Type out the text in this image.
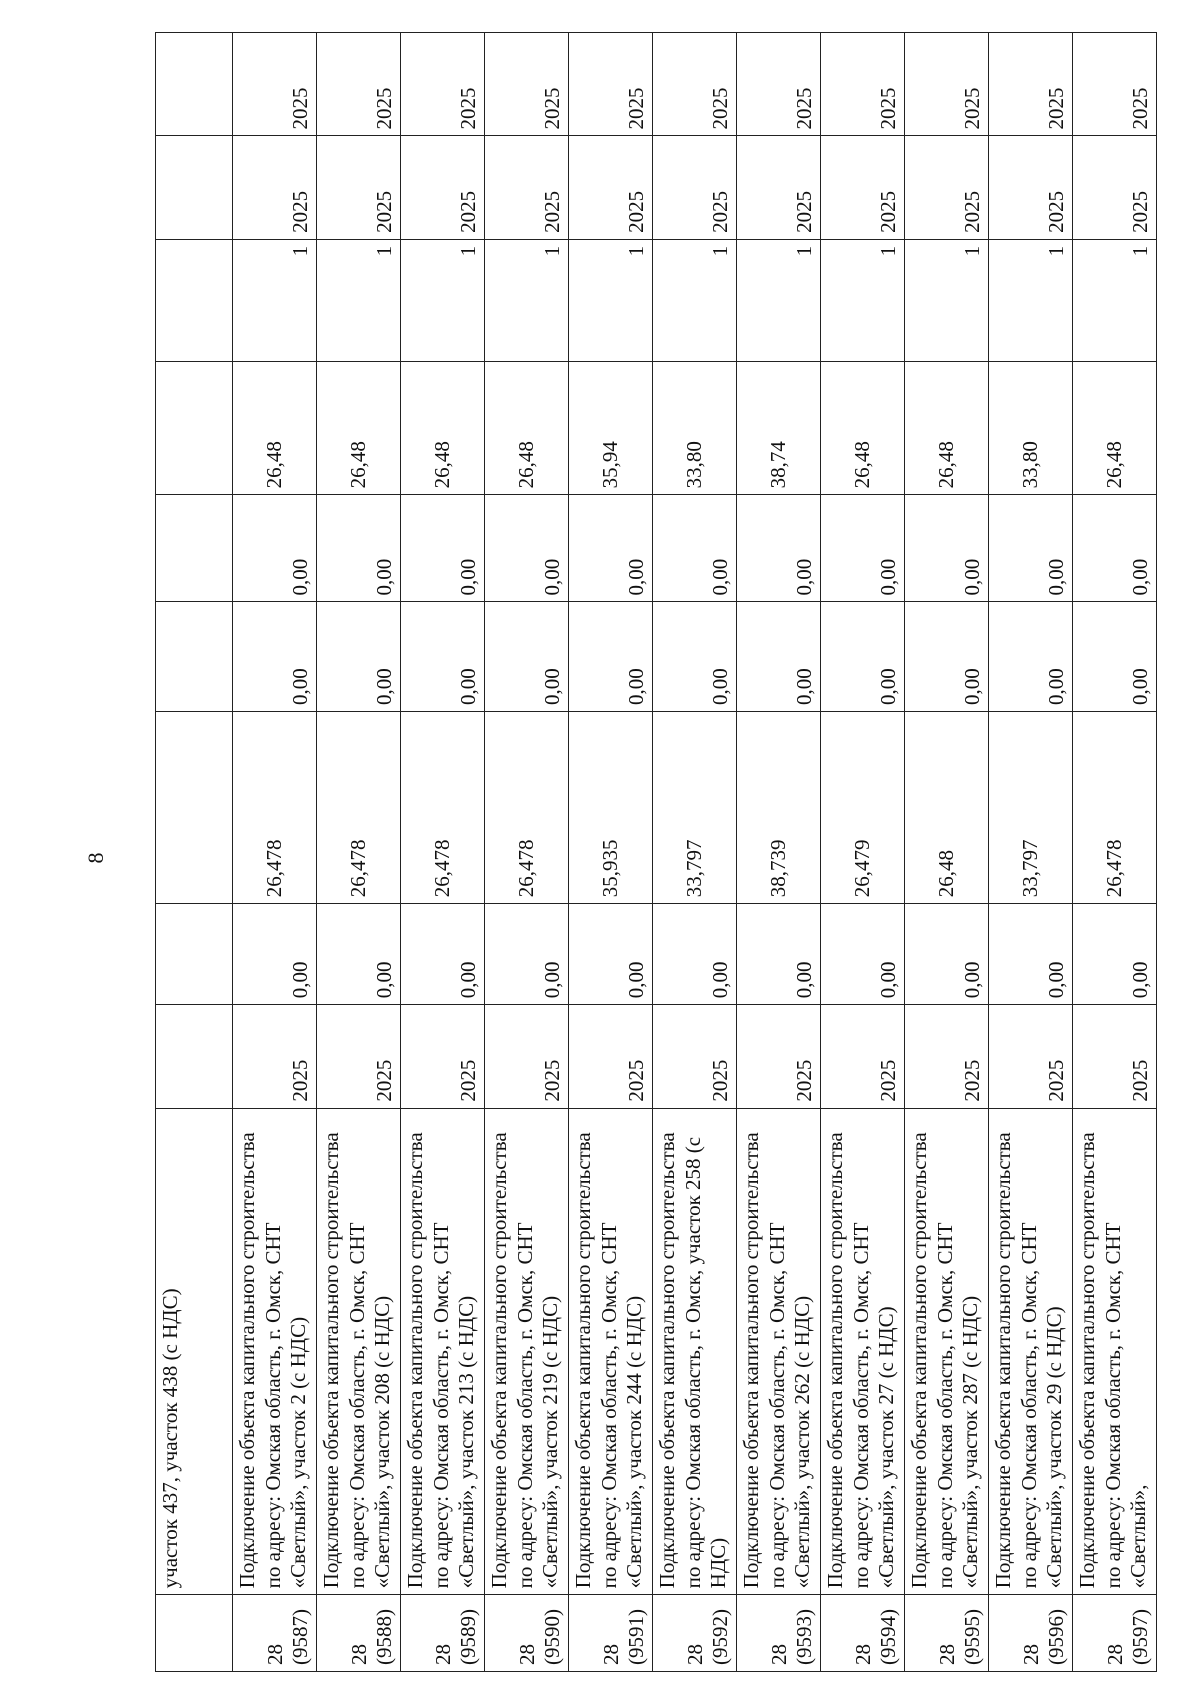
8
	участок 437, участок 438 (с НДС)									

28 (9587)	Подключение объекта капитального строительства по адресу: Омская область, г. Омск, СНТ «Светлый», участок 2 (с НДС)	2025	0,00	26,478	0,00	0,00	26,48	1	2025	2025

28 (9588)	Подключение объекта капитального строительства по адресу: Омская область, г. Омск, СНТ «Светлый», участок 208 (с НДС)	2025	0,00	26,478	0,00	0,00	26,48	1	2025	2025

28 (9589)	Подключение объекта капитального строительства по адресу: Омская область, г. Омск, СНТ «Светлый», участок 213 (с НДС)	2025	0,00	26,478	0,00	0,00	26,48	1	2025	2025

28 (9590)	Подключение объекта капитального строительства по адресу: Омская область, г. Омск, СНТ «Светлый», участок 219 (с НДС)	2025	0,00	26,478	0,00	0,00	26,48	1	2025	2025

28 (9591)	Подключение объекта капитального строительства по адресу: Омская область, г. Омск, СНТ «Светлый», участок 244 (с НДС)	2025	0,00	35,935	0,00	0,00	35,94	1	2025	2025

28 (9592)	Подключение объекта капитального строительства по адресу: Омская область, г. Омск, участок 258 (с НДС)	2025	0,00	33,797	0,00	0,00	33,80	1	2025	2025

28 (9593)	Подключение объекта капитального строительства по адресу: Омская область, г. Омск, СНТ «Светлый», участок 262 (с НДС)	2025	0,00	38,739	0,00	0,00	38,74	1	2025	2025

28 (9594)	Подключение объекта капитального строительства по адресу: Омская область, г. Омск, СНТ «Светлый», участок 27 (с НДС)	2025	0,00	26,479	0,00	0,00	26,48	1	2025	2025

28 (9595)	Подключение объекта капитального строительства по адресу: Омская область, г. Омск, СНТ «Светлый», участок 287 (с НДС)	2025	0,00	26,48	0,00	0,00	26,48	1	2025	2025

28 (9596)	Подключение объекта капитального строительства по адресу: Омская область, г. Омск, СНТ «Светлый», участок 29 (с НДС)	2025	0,00	33,797	0,00	0,00	33,80	1	2025	2025

28 (9597)	Подключение объекта капитального строительства по адресу: Омская область, г. Омск, СНТ «Светлый»,	2025	0,00	26,478	0,00	0,00	26,48	1	2025	2025
